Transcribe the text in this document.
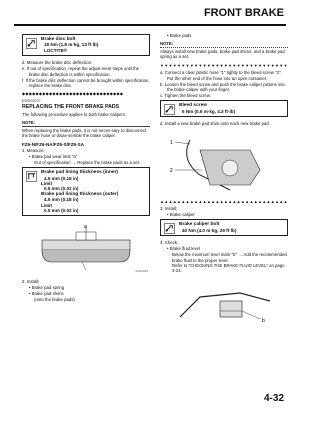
FRONT BRAKE
Brake disc bolt
18 Nm (1.8 m·kg, 13 ft·lb)
LOCTITE®
d. Measure the brake disc deflection.
e. If out of specification, repeat the adjust-ment steps until the brake disc deflection is within specification.
f. If the brake disc deflection cannot be brought within specification, replace the brake disc.
◆◆◆◆◆◆◆◆◆◆◆◆◆◆◆◆◆◆◆◆◆◆◆◆◆◆◆◆◆◆
EWD02070
REPLACING THE FRONT BRAKE PADS
The following procedure applies to both brake calipers.
NOTE:
When replacing the brake pads, it is not neces-sary to disconnect the brake hose or disas-semble the brake caliper.
FZ6-N/FZ6-NA/FZ6-S/FZ6-SA
1. Measure:
• Brake pad wear limit "a"
Out of specification → Replace the brake pads as a set.
Brake pad lining thickness (inner)
4.5 mm (0.18 in)
Limit
0.5 mm (0.02 in)
Brake pad lining thickness (outer)
4.5 mm (0.18 in)
Limit
0.5 mm (0.02 in)
a
ZJAN043
2. Install:
• Brake pad spring
• Brake pad shims
(onto the brake pads)
• Brake pads
NOTE:
Always install new brake pads, brake pad shims, and a brake pad spring as a set.
▼▼▼▼▼▼▼▼▼▼▼▼▼▼▼▼▼▼▼▼▼▼▼▼▼▼▼▼▼▼
a. Connect a clear plastic hose "1" tightly to the bleed screw "2". Put the other end of the hose into an open container.
b. Loosen the bleed screw and push the brake caliper pistons into the brake caliper with your finger.
c. Tighten the bleed screw.
Bleed screw
6 Nm (0.6 m·kg, 4.3 ft·lb)
d. Install a new brake pad shim onto each new brake pad.
1
2
▲▲▲▲▲▲▲▲▲▲▲▲▲▲▲▲▲▲▲▲▲▲▲▲▲▲▲▲▲▲
3. Install:
• Brake caliper
Brake caliper bolt
40 Nm (4.0 m·kg, 29 ft·lb)
4. Check:
• Brake fluid level
Below the minimum level mark "b" → Add the recommended brake fluid to the proper level.
Refer to "CHECKING THE BRAKE FLUID LEVEL" on page 3-24.
b
4-32
